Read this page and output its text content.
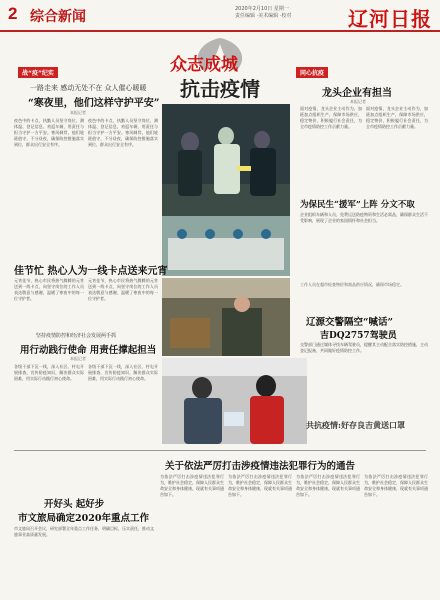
2 综合新闻	2020年2月10日 星期一
责任编辑 ·美术编辑 ·校对	辽河日报
众志成城
抗击疫情
战“疫”纪实
一路走来 感动无处不在 众人催心暖暖
“寒夜里，他们这样守护平安”
本报记者
夜色中的卡点，执勤人员坚守岗位，测体温、登记信息、劝返车辆，用责任与担当守护一方平安。寒风刺骨，他们轮班值守，不分昼夜，确保防控措施落实到位，群众出行安全有序。
夜色中的卡点，执勤人员坚守岗位，测体温、登记信息、劝返车辆，用责任与担当守护一方平安。寒风刺骨，他们轮班值守，不分昼夜，确保防控措施落实到位，群众出行安全有序。
同心抗疫
龙头企业有担当
本报记者
面对疫情，龙头企业主动作为，加班加点组织生产，保障市场供应，稳定物价，积极履行社会责任，为全市疫情防控工作贡献力量。
面对疫情，龙头企业主动作为，加班加点组织生产，保障市场供应，稳定物价，积极履行社会责任，为全市疫情防控工作贡献力量。
为保民生“援军”上阵 分文不取
企业组织车辆和人员，免费运送防疫物资和生活必需品，确保群众生活不受影响，展现了企业的家国情怀和社会担当。
佳节忙 热心人为一线卡点送来元宵
元宵佳节，热心市民将热气腾腾的元宵送到一线卡点，向坚守岗位的工作人员表达敬意与感谢，温暖了寒夜中的每一位守护者。
元宵佳节，热心市民将热气腾腾的元宵送到一线卡点，向坚守岗位的工作人员表达敬意与感谢，温暖了寒夜中的每一位守护者。
坚持疫情防控和经济社会发展两手抓
用行动践行使命 用责任撑起担当
本报记者
各级干部下沉一线，深入社区、村屯开展排查，宣传防疫知识，解决群众实际困难，用实际行动践行初心使命。
各级干部下沉一线，深入社区、村屯开展排查，宣传防疫知识，解决群众实际困难，用实际行动践行初心使命。
工作人员在超市检查物价和商品供应情况，确保市场稳定。
辽源交警隔空“喊话”
吉DQ2757驾驶员
交警部门通过媒体寻找车辆驾驶员，提醒其主动配合落实防控措施，主动登记报备，共同做好疫情防控工作。
共抗疫情:好存良吉黄送口罩
关于依法严厉打击涉疫情违法犯罪行为的通告
为依法严厉打击涉疫情违法犯罪行为，维护社会稳定，保障人民群众生命安全和身体健康，现就有关事项通告如下。
为依法严厉打击涉疫情违法犯罪行为，维护社会稳定，保障人民群众生命安全和身体健康，现就有关事项通告如下。
为依法严厉打击涉疫情违法犯罪行为，维护社会稳定，保障人民群众生命安全和身体健康，现就有关事项通告如下。
为依法严厉打击涉疫情违法犯罪行为，维护社会稳定，保障人民群众生命安全和身体健康，现就有关事项通告如下。
开好头 起好步
市文旅局确定2020年重点工作
市文旅局召开会议，研究部署全年重点工作任务，明确目标，压实责任，推动文旅事业高质量发展。
